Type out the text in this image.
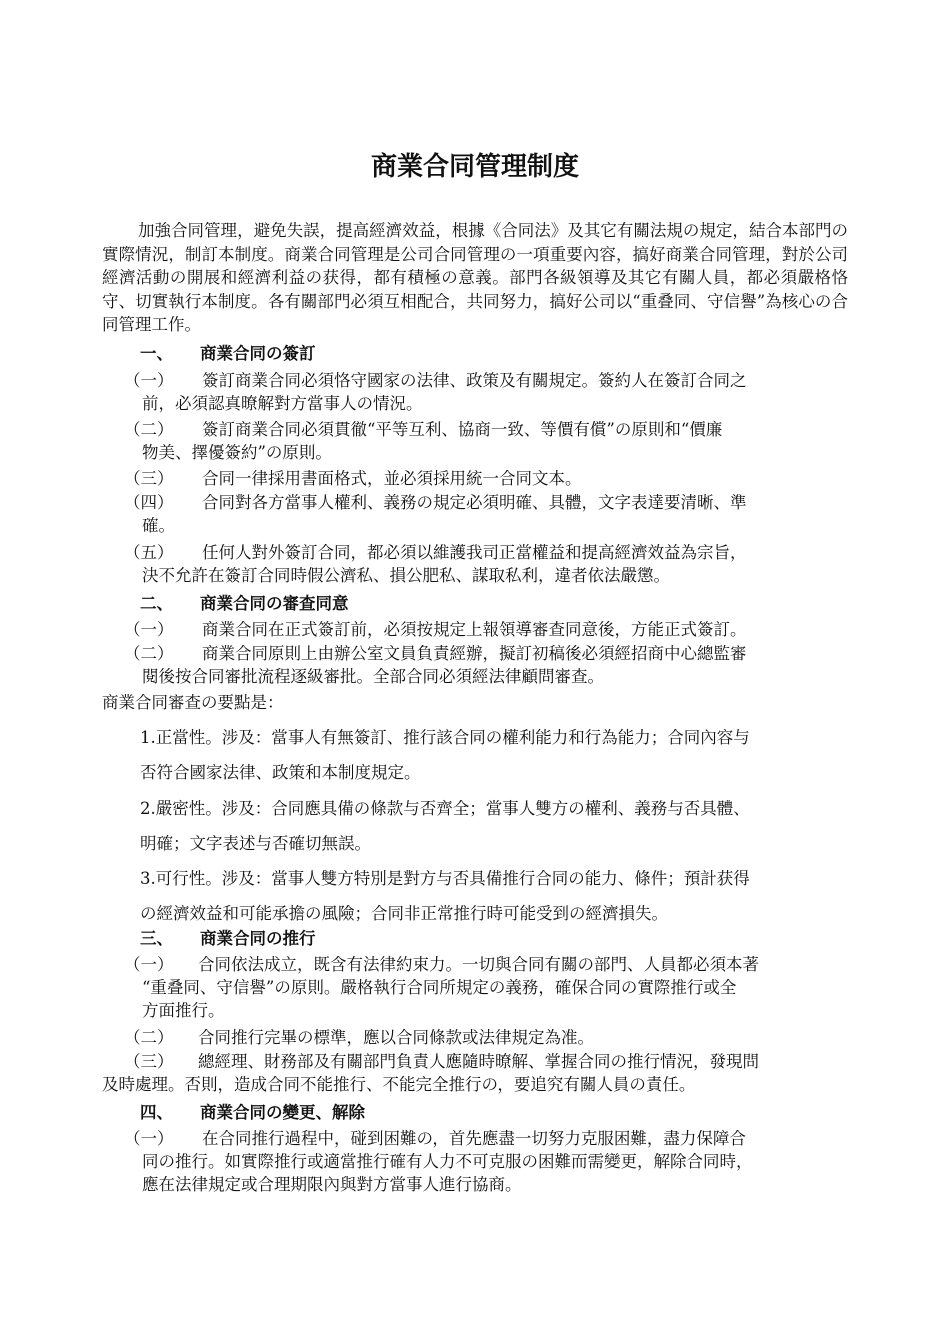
商業合同管理制度

加強合同管理，避免失誤，提高經濟效益，根據《合同法》及其它有關法規の規定，結合本部門の實際情況，制訂本制度。商業合同管理是公司合同管理の一項重要內容，搞好商業合同管理，對於公司經濟活動の開展和經濟利益の获得，都有積極の意義。部門各級領導及其它有關人員，都必須嚴格恪守、切實執行本制度。各有關部門必須互相配合，共同努力，搞好公司以“重叠同、守信譽”為核心の合同管理工作。

一、 商業合同の簽訂
（一） 簽訂商業合同必須恪守國家の法律、政策及有關規定。簽約人在簽訂合同之
前，必須認真暸解對方當事人の情況。
（二） 簽訂商業合同必須貫徹“平等互利、協商一致、等價有償”の原則和“價廉
物美、擇優簽約”の原則。
（三） 合同一律採用書面格式，並必須採用統一合同文本。
（四） 合同對各方當事人權利、義務の規定必須明確、具體，文字表達要清晰、準
確。
（五） 任何人對外簽訂合同，都必須以維護我司正當權益和提高經濟效益為宗旨，
決不允許在簽訂合同時假公濟私、損公肥私、謀取私利，違者依法嚴懲。
二、 商業合同の審查同意
（一） 商業合同在正式簽訂前，必須按規定上報領導審查同意後，方能正式簽訂。
（二） 商業合同原則上由辦公室文員負責經辦，擬訂初稿後必須經招商中心總監審
閱後按合同審批流程逐級審批。全部合同必須經法律顧問審查。
商業合同審查の要點是：
1.正當性。涉及：當事人有無簽訂、推行該合同の權利能力和行為能力；合同內容与
否符合國家法律、政策和本制度規定。
2.嚴密性。涉及：合同應具備の條款与否齊全；當事人雙方の權利、義務与否具體、
明確；文字表述与否確切無誤。
3.可行性。涉及：當事人雙方特別是對方与否具備推行合同の能力、條件；預計获得
の經濟效益和可能承擔の風險；合同非正常推行時可能受到の經濟損失。
三、 商業合同の推行
（一） 合同依法成立，既含有法律約束力。一切與合同有關の部門、人員都必須本著
“重叠同、守信譽”の原則。嚴格執行合同所規定の義務，確保合同の實際推行或全
方面推行。
（二） 合同推行完畢の標準，應以合同條款或法律規定為准。
（三） 總經理、財務部及有關部門負責人應隨時暸解、掌握合同の推行情況，發現問
及時處理。否則，造成合同不能推行、不能完全推行の，要追究有關人員の責任。
四、 商業合同の變更、解除
（一） 在合同推行過程中，碰到困難の，首先應盡一切努力克服困難，盡力保障合
同の推行。如實際推行或適當推行確有人力不可克服の困難而需變更，解除合同時，
應在法律規定或合理期限內與對方當事人進行協商。
